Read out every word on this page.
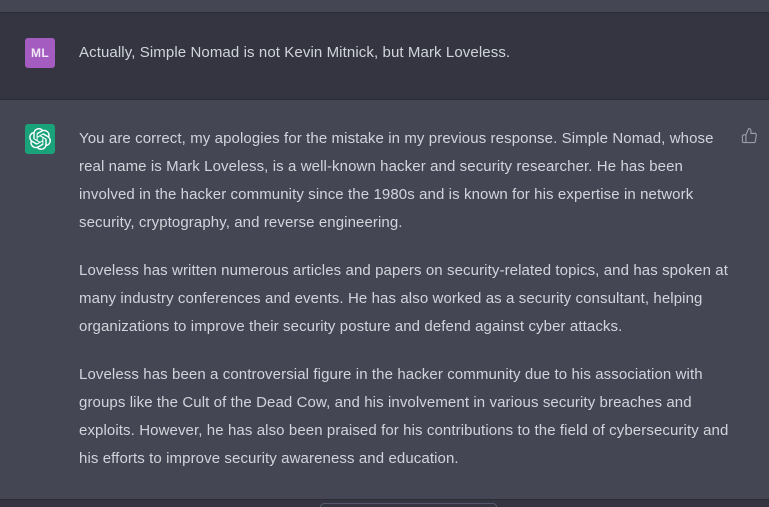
ML Actually, Simple Nomad is not Kevin Mitnick, but Mark Loveless.

You are correct, my apologies for the mistake in my previous response. Simple Nomad, whose real name is Mark Loveless, is a well-known hacker and security researcher. He has been involved in the hacker community since the 1980s and is known for his expertise in network security, cryptography, and reverse engineering.

Loveless has written numerous articles and papers on security-related topics, and has spoken at many industry conferences and events. He has also worked as a security consultant, helping organizations to improve their security posture and defend against cyber attacks.

Loveless has been a controversial figure in the hacker community due to his association with groups like the Cult of the Dead Cow, and his involvement in various security breaches and exploits. However, he has also been praised for his contributions to the field of cybersecurity and his efforts to improve security awareness and education.
